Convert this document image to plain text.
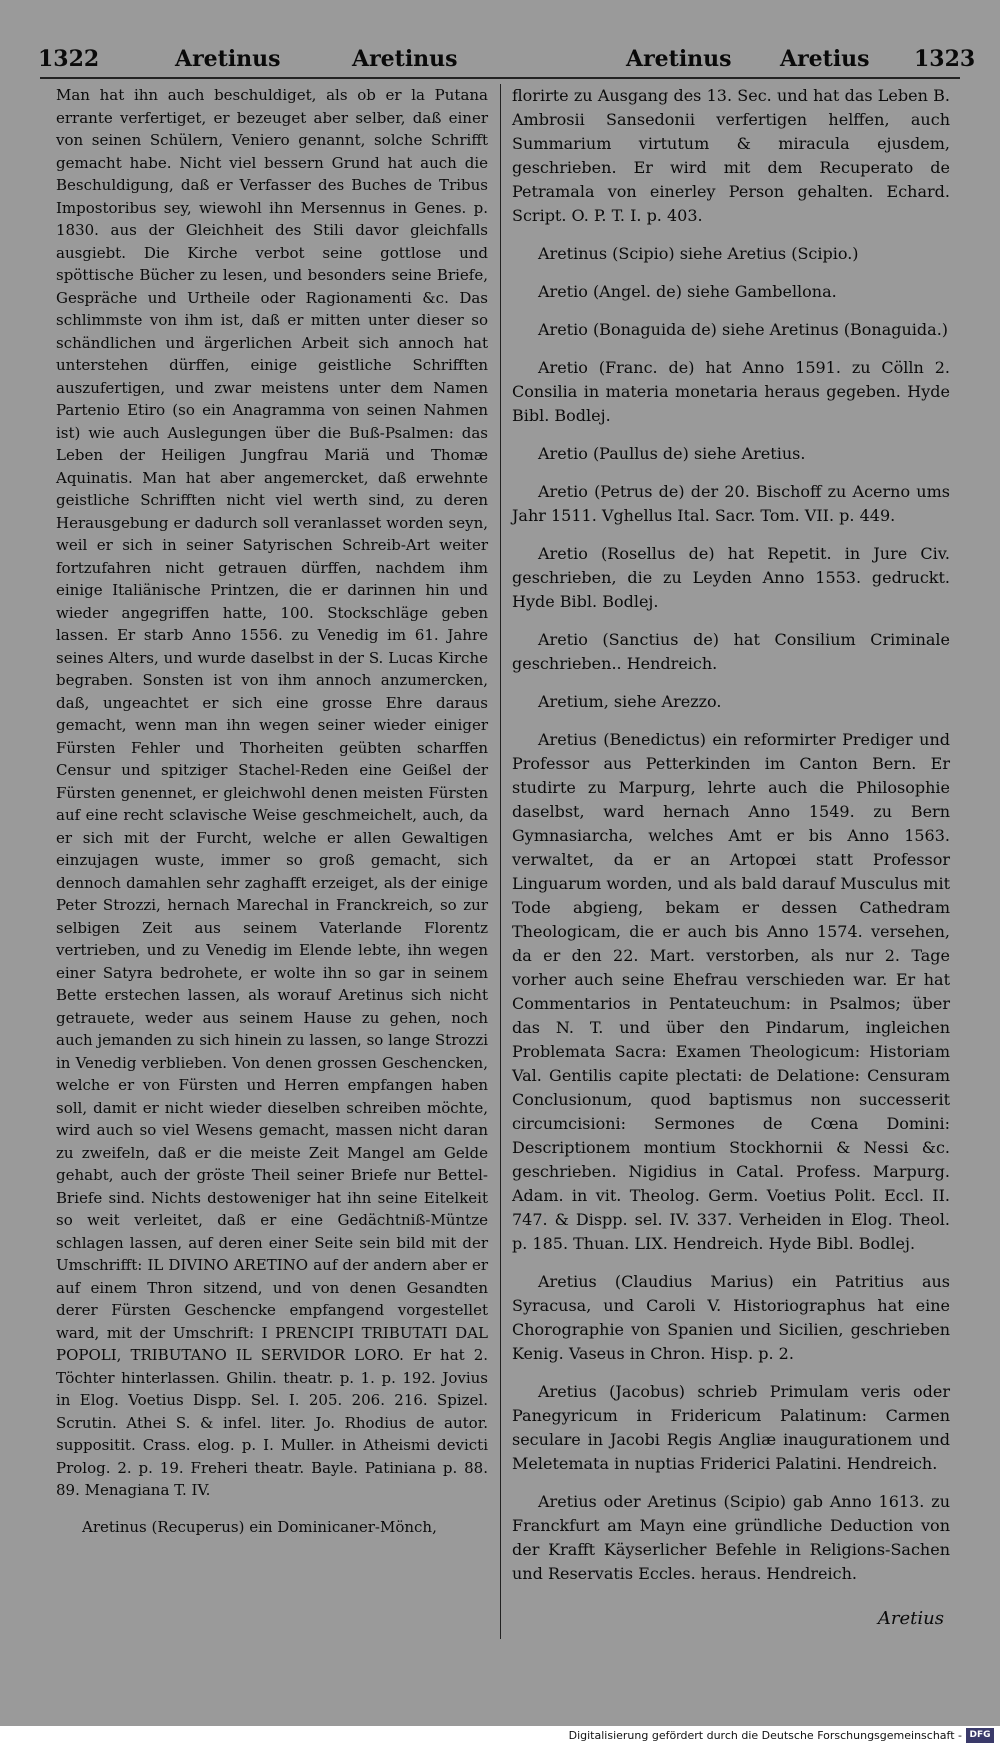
1322	Aretinus	Aretinus	Aretinus Aretius 1323

Man hat ihn auch beschuldiget, als ob er la Putana errante verfertiget, er bezeuget aber selber, daß einer von seinen Schülern, Veniero genannt, solche Schrifft gemacht habe. Nicht viel bessern Grund hat auch die Beschuldigung, daß er Verfasser des Buches de Tribus Impostoribus sey, wiewohl ihn Mersennus in Genes. p. 1830. aus der Gleichheit des Stili davor gleichfalls ausgiebt. Die Kirche verbot seine gottlose und spöttische Bücher zu lesen, und besonders seine Briefe, Gespräche und Urtheile oder Ragionamenti &c. Das schlimmste von ihm ist, daß er mitten unter dieser so schändlichen und ärgerlichen Arbeit sich annoch hat unterstehen dürffen, einige geistliche Schrifften auszufertigen, und zwar meistens unter dem Namen Partenio Etiro (so ein Anagramma von seinen Nahmen ist) wie auch Auslegungen über die Buß-Psalmen: das Leben der Heiligen Jungfrau Mariä und Thomæ Aquinatis. Man hat aber angemercket, daß erwehnte geistliche Schrifften nicht viel werth sind, zu deren Herausgebung er dadurch soll veranlasset worden seyn, weil er sich in seiner Satyrischen Schreib-Art weiter fortzufahren nicht getrauen dürffen, nachdem ihm einige Italiänische Printzen, die er darinnen hin und wieder angegriffen hatte, 100. Stockschläge geben lassen. Er starb Anno 1556. zu Venedig im 61. Jahre seines Alters, und wurde daselbst in der S. Lucas Kirche begraben. Sonsten ist von ihm annoch anzumercken, daß, ungeachtet er sich eine grosse Ehre daraus gemacht, wenn man ihn wegen seiner wieder einiger Fürsten Fehler und Thorheiten geübten scharffen Censur und spitziger Stachel-Reden eine Geißel der Fürsten genennet, er gleichwohl denen meisten Fürsten auf eine recht sclavische Weise geschmeichelt, auch, da er sich mit der Furcht, welche er allen Gewaltigen einzujagen wuste, immer so groß gemacht, sich dennoch damahlen sehr zaghafft erzeiget, als der einige Peter Strozzi, hernach Marechal in Franckreich, so zur selbigen Zeit aus seinem Vaterlande Florentz vertrieben, und zu Venedig im Elende lebte, ihn wegen einer Satyra bedrohete, er wolte ihn so gar in seinem Bette erstechen lassen, als worauf Aretinus sich nicht getrauete, weder aus seinem Hause zu gehen, noch auch jemanden zu sich hinein zu lassen, so lange Strozzi in Venedig verblieben. Von denen grossen Geschencken, welche er von Fürsten und Herren empfangen haben soll, damit er nicht wieder dieselben schreiben möchte, wird auch so viel Wesens gemacht, massen nicht daran zu zweifeln, daß er die meiste Zeit Mangel am Gelde gehabt, auch der gröste Theil seiner Briefe nur Bettel-Briefe sind. Nichts destoweniger hat ihn seine Eitelkeit so weit verleitet, daß er eine Gedächtniß-Müntze schlagen lassen, auf deren einer Seite sein bild mit der Umschrifft: IL DIVINO ARETINO auf der andern aber er auf einem Thron sitzend, und von denen Gesandten derer Fürsten Geschencke empfangend vorgestellet ward, mit der Umschrift: I PRENCIPI TRIBUTATI DAL POPOLI, TRIBUTANO IL SERVIDOR LORO. Er hat 2. Töchter hinterlassen. Ghilin. theatr. p. 1. p. 192. Jovius in Elog. Voetius Dispp. Sel. I. 205. 206. 216. Spizel. Scrutin. Athei S. & infel. liter. Jo. Rhodius de autor. suppositit. Crass. elog. p. I. Muller. in Atheismi devicti Prolog. 2. p. 19. Freheri theatr. Bayle. Patiniana p. 88. 89. Menagiana T. IV.

Aretinus (Recuperus) ein Dominicaner-Mönch,

florirte zu Ausgang des 13. Sec. und hat das Leben B. Ambrosii Sansedonii verfertigen helffen, auch Summarium virtutum & miracula ejusdem, geschrieben. Er wird mit dem Recuperato de Petramala von einerley Person gehalten. Echard. Script. O. P. T. I. p. 403.

Aretinus (Scipio) siehe Aretius (Scipio.)

Aretio (Angel. de) siehe Gambellona.

Aretio (Bonaguida de) siehe Aretinus (Bonaguida.)

Aretio (Franc. de) hat Anno 1591. zu Cölln 2. Consilia in materia monetaria heraus gegeben. Hyde Bibl. Bodlej.

Aretio (Paullus de) siehe Aretius.

Aretio (Petrus de) der 20. Bischoff zu Acerno ums Jahr 1511. Vghellus Ital. Sacr. Tom. VII. p. 449.

Aretio (Rosellus de) hat Repetit. in Jure Civ. geschrieben, die zu Leyden Anno 1553. gedruckt. Hyde Bibl. Bodlej.

Aretio (Sanctius de) hat Consilium Criminale geschrieben.. Hendreich.

Aretium, siehe Arezzo.

Aretius (Benedictus) ein reformirter Prediger und Professor aus Petterkinden im Canton Bern. Er studirte zu Marpurg, lehrte auch die Philosophie daselbst, ward hernach Anno 1549. zu Bern Gymnasiarcha, welches Amt er bis Anno 1563. verwaltet, da er an Artopœi statt Professor Linguarum worden, und als bald darauf Musculus mit Tode abgieng, bekam er dessen Cathedram Theologicam, die er auch bis Anno 1574. versehen, da er den 22. Mart. verstorben, als nur 2. Tage vorher auch seine Ehefrau verschieden war. Er hat Commentarios in Pentateuchum: in Psalmos; über das N. T. und über den Pindarum, ingleichen Problemata Sacra: Examen Theologicum: Historiam Val. Gentilis capite plectati: de Delatione: Censuram Conclusionum, quod baptismus non successerit circumcisioni: Sermones de Cœna Domini: Descriptionem montium Stockhornii & Nessi &c. geschrieben. Nigidius in Catal. Profess. Marpurg. Adam. in vit. Theolog. Germ. Voetius Polit. Eccl. II. 747. & Dispp. sel. IV. 337. Verheiden in Elog. Theol. p. 185. Thuan. LIX. Hendreich. Hyde Bibl. Bodlej.

Aretius (Claudius Marius) ein Patritius aus Syracusa, und Caroli V. Historiographus hat eine Chorographie von Spanien und Sicilien, geschrieben Kenig. Vaseus in Chron. Hisp. p. 2.

Aretius (Jacobus) schrieb Primulam veris oder Panegyricum in Fridericum Palatinum: Carmen seculare in Jacobi Regis Angliæ inaugurationem und Meletemata in nuptias Friderici Palatini. Hendreich.

Aretius oder Aretinus (Scipio) gab Anno 1613. zu Franckfurt am Mayn eine gründliche Deduction von der Krafft Käyserlicher Befehle in Religions-Sachen und Reservatis Eccles. heraus. Hendreich.

Aretius
Digitalisierung gefördert durch die Deutsche Forschungsgemeinschaft - DFG
